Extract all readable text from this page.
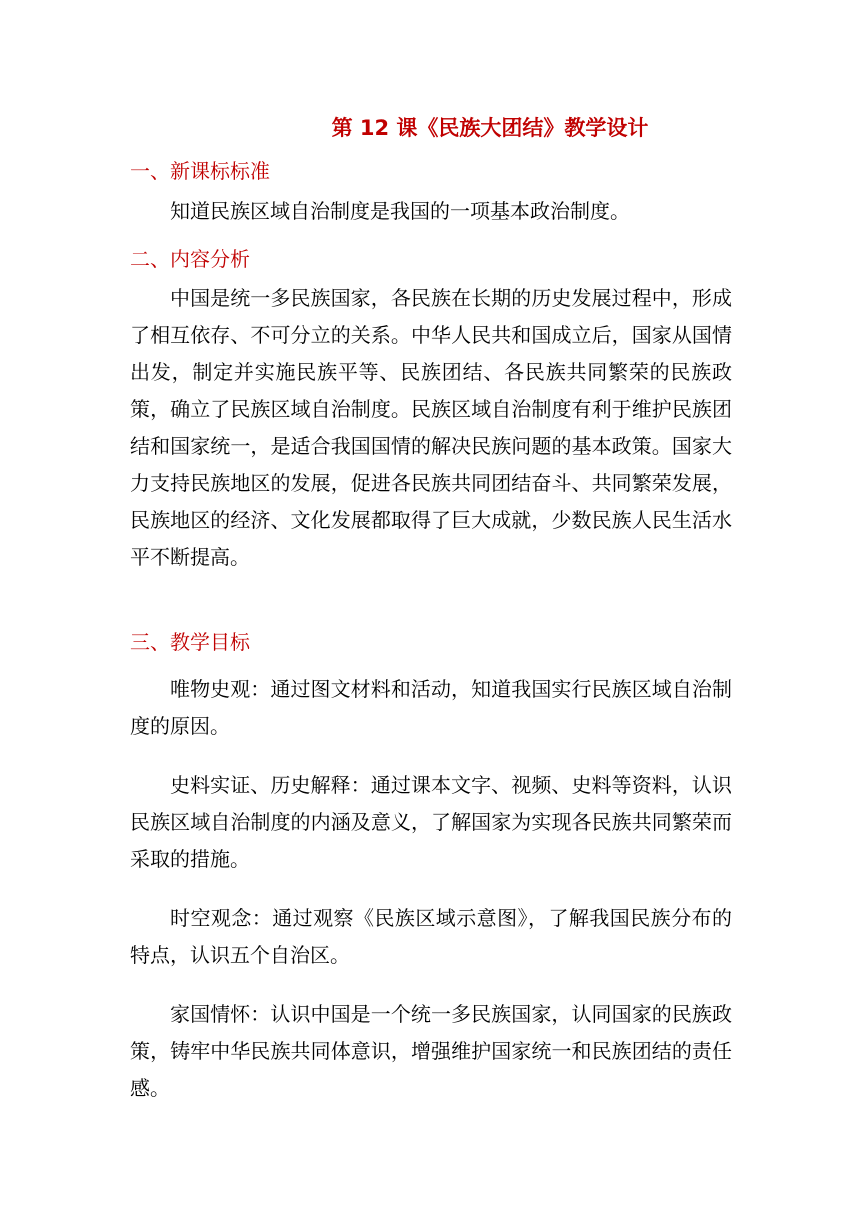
第 12 课《民族大团结》教学设计
一、新课标标准
知道民族区域自治制度是我国的一项基本政治制度。
二、内容分析
中国是统一多民族国家，各民族在长期的历史发展过程中，形成了相互依存、不可分立的关系。中华人民共和国成立后，国家从国情出发，制定并实施民族平等、民族团结、各民族共同繁荣的民族政策，确立了民族区域自治制度。民族区域自治制度有利于维护民族团结和国家统一，是适合我国国情的解决民族问题的基本政策。国家大力支持民族地区的发展，促进各民族共同团结奋斗、共同繁荣发展，民族地区的经济、文化发展都取得了巨大成就，少数民族人民生活水平不断提高。
三、教学目标
唯物史观：通过图文材料和活动，知道我国实行民族区域自治制度的原因。
史料实证、历史解释：通过课本文字、视频、史料等资料，认识民族区域自治制度的内涵及意义，了解国家为实现各民族共同繁荣而采取的措施。
时空观念：通过观察《民族区域示意图》，了解我国民族分布的特点，认识五个自治区。
家国情怀：认识中国是一个统一多民族国家，认同国家的民族政策，铸牢中华民族共同体意识，增强维护国家统一和民族团结的责任感。
